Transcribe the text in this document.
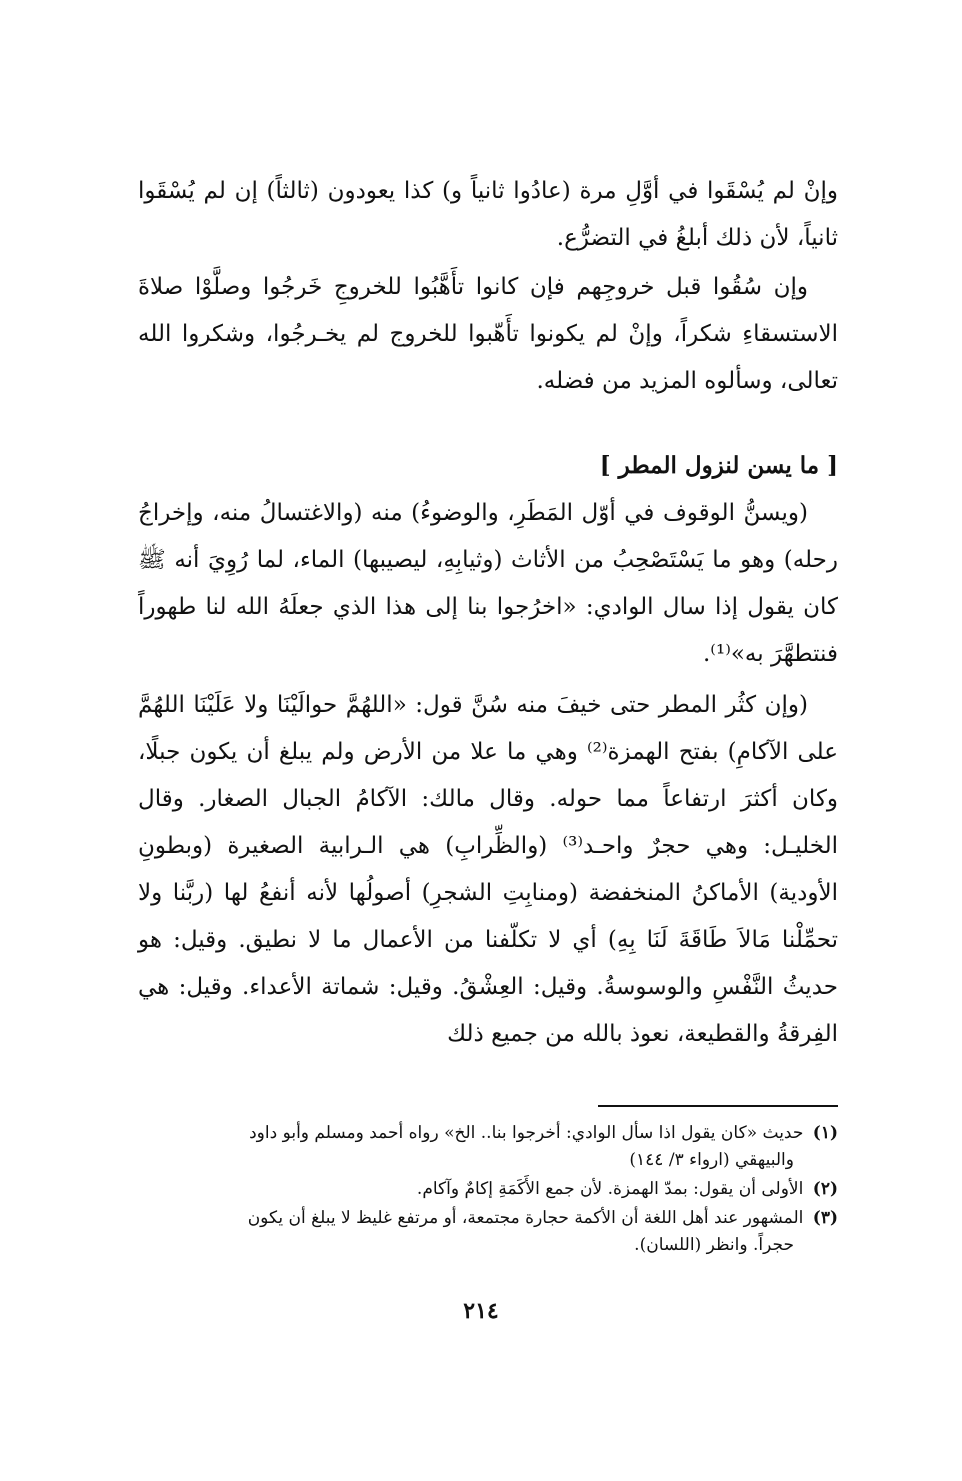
وإنْ لم يُسْقَوا في أوَّلِ مرة (عادُوا ثانياً و) كذا يعودون (ثالثاً) إن لم يُسْقَوا ثانياً، لأن ذلك أبلغُ في التضرُّع.

وإن سُقُوا قبل خروجِهم فإن كانوا تأَهَّبُوا للخروجِ خَرجُوا وصلَّوْا صلاةَ الاستسقاءِ شكراً، وإنْ لم يكونوا تأَهّبوا للخروج لم يخـرجُوا، وشكروا الله تعالى، وسألوه المزيد من فضله.

[ ما يسن لنزول المطر ]

(ويسنُّ الوقوف في أوّل المَطَرِ، والوضوءُ) منه (والاغتسالُ منه، وإخراجُ رحله) وهو ما يَسْتَصْحِبُ من الأثاث (وثيابِهِ، ليصيبها) الماء، لما رُوِيَ أنه ﷺ كان يقول إذا سال الوادي: «اخرُجوا بنا إلى هذا الذي جعلَهُ الله لنا طهوراً فنتطهَّرَ به»⁽¹⁾.

(وإن كثُر المطر حتى خيفَ منه سُنَّ قول: «اللهُمَّ حوالَيْنَا ولا عَلَيْنَا اللهُمَّ على الآكامِ) بفتح الهمزة⁽²⁾ وهي ما علا من الأرض ولم يبلغ أن يكون جبلًا، وكان أكثرَ ارتفاعاً مما حوله. وقال مالك: الآكامُ الجبال الصغار. وقال الخليـل: وهي حجرٌ واحـد⁽³⁾ (والظِّرابِ) هي الـرابية الصغيرة (وبطونِ الأودية) الأماكنُ المنخفضة (ومنابِتِ الشجرِ) أصولُها لأنه أنفعُ لها (ربَّنا ولا تحمِّلْنا مَالاَ طَاقَةَ لَنَا بِهِ) أي لا تكلّفنا من الأعمال ما لا نطيق. وقيل: هو حديثُ النَّفْسِ والوسوسةُ. وقيل: العِشْقُ. وقيل: شماتة الأعداء. وقيل: هي الفِرقةُ والقطيعة، نعوذ بالله من جميع ذلك

(١) حديث «كان يقول اذا سأل الوادي: أخرجوا بنا.. الخ» رواه أحمد ومسلم وأبو داود
والبيهقي (ارواء ٣/ ١٤٤)

(٢) الأولى أن يقول: بمدّ الهمزة. لأن جمع الأَكَمَةِ إكامٌ وآكام.

(٣) المشهور عند أهل اللغة أن الأكمة حجارة مجتمعة، أو مرتفع غليظ لا يبلغ أن يكون
حجراً. وانظر (اللسان).

٢١٤
